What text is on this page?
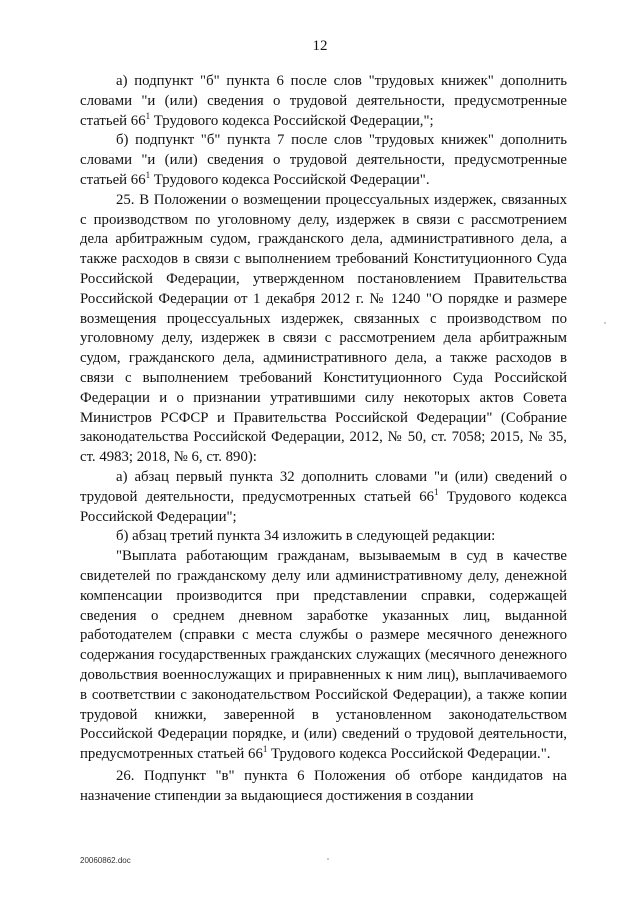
12

а) подпункт "б" пункта 6 после слов "трудовых книжек" дополнить словами "и (или) сведения о трудовой деятельности, предусмотренные статьей $66^1$ Трудового кодекса Российской Федерации,";

б) подпункт "б" пункта 7 после слов "трудовых книжек" дополнить словами "и (или) сведения о трудовой деятельности, предусмотренные статьей $66^1$ Трудового кодекса Российской Федерации".

25. В Положении о возмещении процессуальных издержек, связанных с производством по уголовному делу, издержек в связи с рассмотрением дела арбитражным судом, гражданского дела, административного дела, а также расходов в связи с выполнением требований Конституционного Суда Российской Федерации, утвержденном постановлением Правительства Российской Федерации от 1 декабря 2012 г. № 1240 "О порядке и размере возмещения процессуальных издержек, связанных с производством по уголовному делу, издержек в связи с рассмотрением дела арбитражным судом, гражданского дела, административного дела, а также расходов в связи с выполнением требований Конституционного Суда Российской Федерации и о признании утратившими силу некоторых актов Совета Министров РСФСР и Правительства Российской Федерации" (Собрание законодательства Российской Федерации, 2012, № 50, ст. 7058; 2015, № 35, ст. 4983; 2018, № 6, ст. 890):

а) абзац первый пункта 32 дополнить словами "и (или) сведений о трудовой деятельности, предусмотренных статьей $66^1$ Трудового кодекса Российской Федерации";

б) абзац третий пункта 34 изложить в следующей редакции:

"Выплата работающим гражданам, вызываемым в суд в качестве свидетелей по гражданскому делу или административному делу, денежной компенсации производится при представлении справки, содержащей сведения о среднем дневном заработке указанных лиц, выданной работодателем (справки с места службы о размере месячного денежного содержания государственных гражданских служащих (месячного денежного довольствия военнослужащих и приравненных к ним лиц), выплачиваемого в соответствии с законодательством Российской Федерации), а также копии трудовой книжки, заверенной в установленном законодательством Российской Федерации порядке, и (или) сведений о трудовой деятельности, предусмотренных статьей $66^1$ Трудового кодекса Российской Федерации.".

26. Подпункт "в" пункта 6 Положения об отборе кандидатов на назначение стипендии за выдающиеся достижения в создании

20060862.doc
